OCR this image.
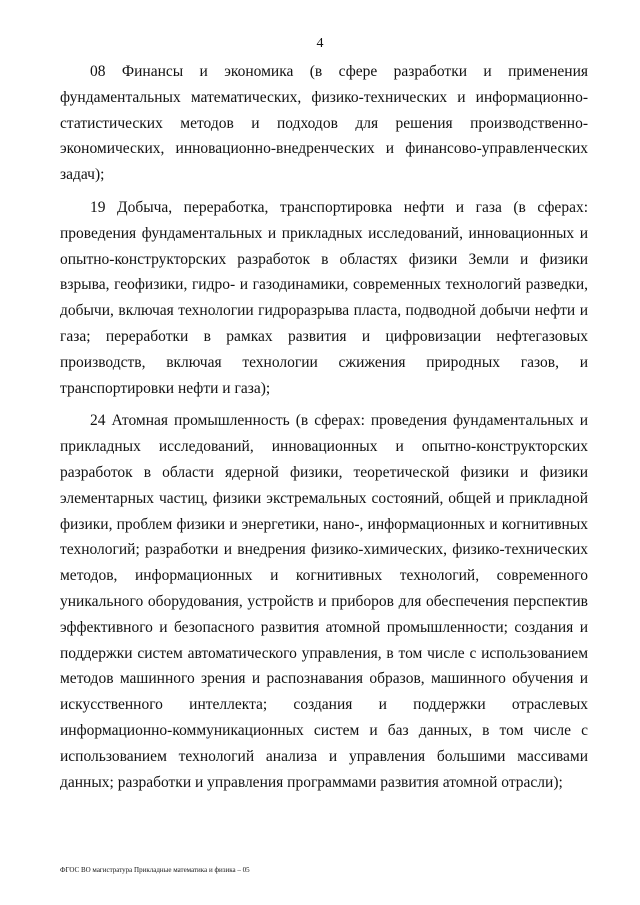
4

08 Финансы и экономика (в сфере разработки и применения фундаментальных математических, физико-технических и информационно-статистических методов и подходов для решения производственно-экономических, инновационно-внедренческих и финансово-управленческих задач);

19 Добыча, переработка, транспортировка нефти и газа (в сферах: проведения фундаментальных и прикладных исследований, инновационных и опытно-конструкторских разработок в областях физики Земли и физики взрыва, геофизики, гидро- и газодинамики, современных технологий разведки, добычи, включая технологии гидроразрыва пласта, подводной добычи нефти и газа; переработки в рамках развития и цифровизации нефтегазовых производств, включая технологии сжижения природных газов, и транспортировки нефти и газа);

24 Атомная промышленность (в сферах: проведения фундаментальных и прикладных исследований, инновационных и опытно-конструкторских разработок в области ядерной физики, теоретической физики и физики элементарных частиц, физики экстремальных состояний, общей и прикладной физики, проблем физики и энергетики, нано-, информационных и когнитивных технологий; разработки и внедрения физико-химических, физико-технических методов, информационных и когнитивных технологий, современного уникального оборудования, устройств и приборов для обеспечения перспектив эффективного и безопасного развития атомной промышленности; создания и поддержки систем автоматического управления, в том числе с использованием методов машинного зрения и распознавания образов, машинного обучения и искусственного интеллекта; создания и поддержки отраслевых информационно-коммуникационных систем и баз данных, в том числе с использованием технологий анализа и управления большими массивами данных; разработки и управления программами развития атомной отрасли);

ФГОС ВО магистратура Прикладные математика и физика – 05
